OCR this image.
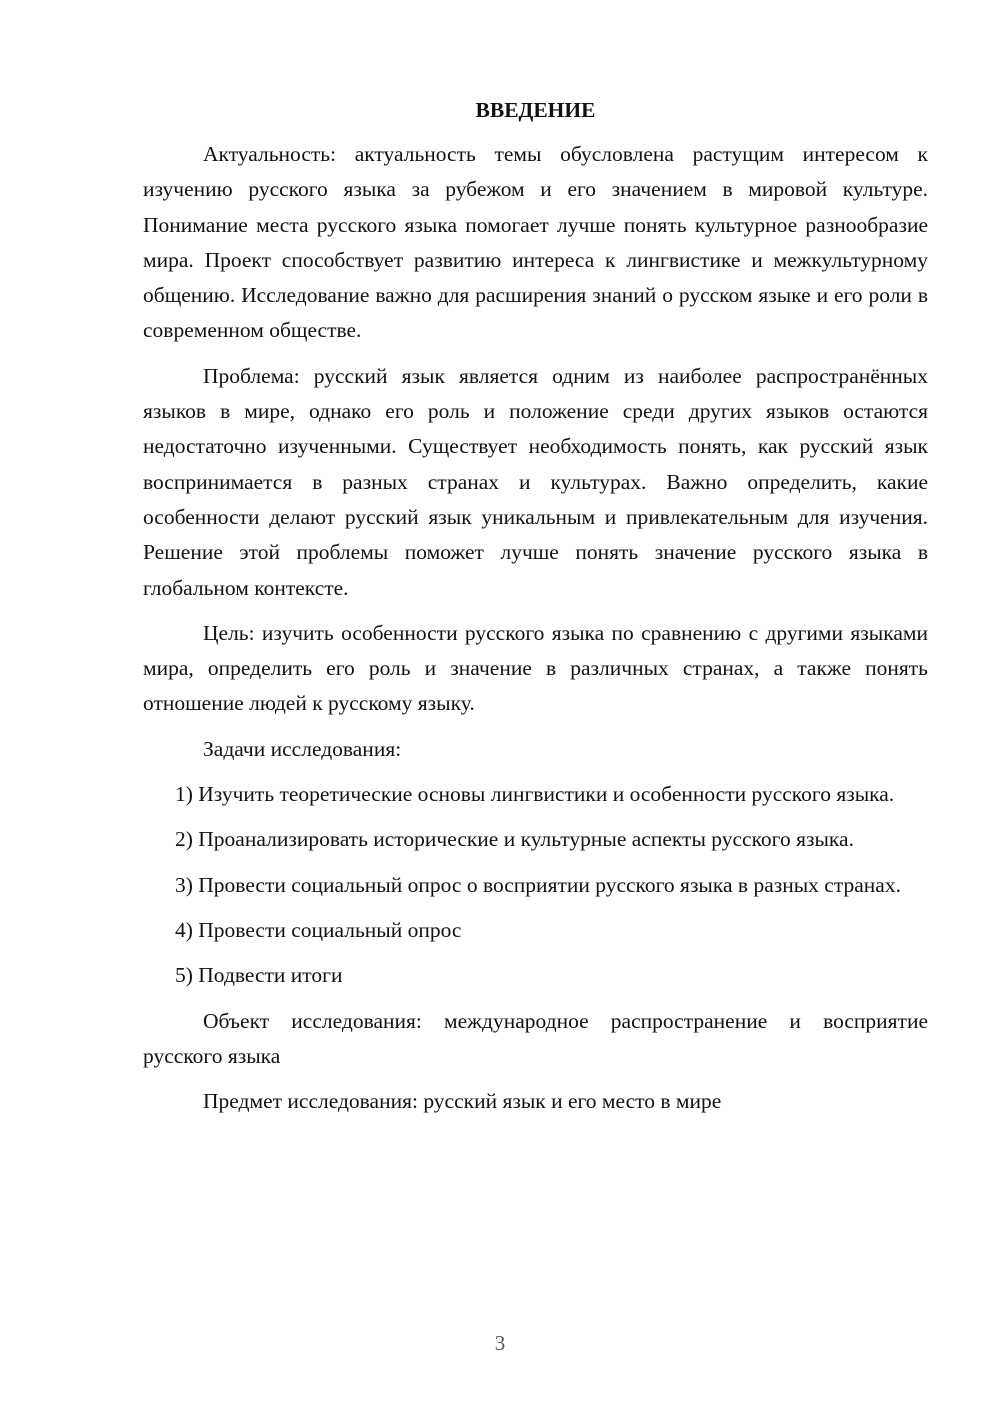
ВВЕДЕНИЕ

Актуальность: актуальность темы обусловлена растущим интересом к изучению русского языка за рубежом и его значением в мировой культуре. Понимание места русского языка помогает лучше понять культурное разнообразие мира. Проект способствует развитию интереса к лингвистике и межкультурному общению. Исследование важно для расширения знаний о русском языке и его роли в современном обществе.

Проблема: русский язык является одним из наиболее распространённых языков в мире, однако его роль и положение среди других языков остаются недостаточно изученными. Существует необходимость понять, как русский язык воспринимается в разных странах и культурах. Важно определить, какие особенности делают русский язык уникальным и привлекательным для изучения. Решение этой проблемы поможет лучше понять значение русского языка в глобальном контексте.

Цель: изучить особенности русского языка по сравнению с другими языками мира, определить его роль и значение в различных странах, а также понять отношение людей к русскому языку.

Задачи исследования:

1) Изучить теоретические основы лингвистики и особенности русского языка.

2) Проанализировать исторические и культурные аспекты русского языка.

3) Провести социальный опрос о восприятии русского языка в разных странах.

4) Провести социальный опрос

5) Подвести итоги

Объект исследования: международное распространение и восприятие русского языка

Предмет исследования: русский язык и его место в мире

3
